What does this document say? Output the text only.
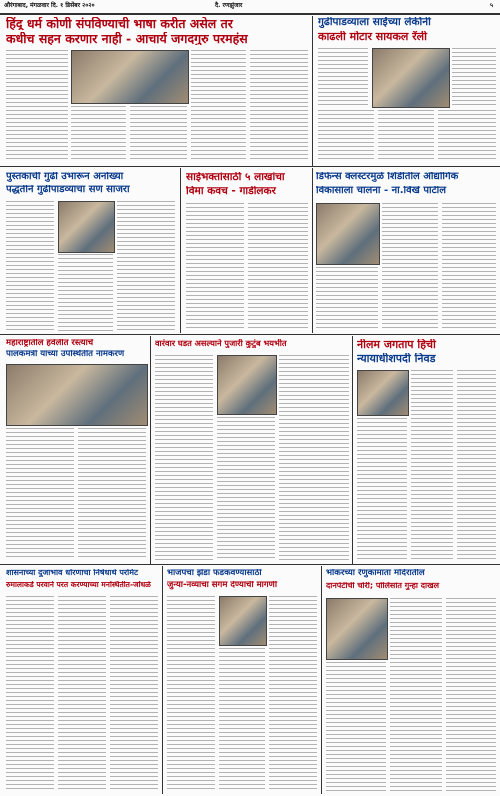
औरंगाबाद, मंगळवार दि. १ डिसेंबर २०२०	दै. रणझुंजार	५
हिंदू धर्म कोणी संपविण्याची भाषा करीत असेल तर
कधीच सहन करणार नाही - आचार्य जगदगुरु परमहंस
गुढीपाडव्याला साईंच्या लेकींनी
काढली मोटार सायकल रॅली
पुस्तकांची गुढी उभारून अनोख्या
पद्धतीने गुढीपाडव्याचा सण साजरा
साईभक्तांसाठी ५ लाखांचा
विमा कवच - गाडीलकर
डिफेन्स क्लस्टरमुळे शिर्डीतील औद्योगिक
विकासाला चालना - ना.विखे पाटील
महाराष्ट्रातील हवेलीत रस्त्यांचे
पालकमंत्री यांच्या उपस्थितीत नामकरण
वारंवार घडत असल्याने पुजारी कुटुंब भयभीत	नीलम जगताप हिची
न्यायाधीशपदी निवड
शासनाच्या दुजाभाव धोरणाचा निषेधार्थ परमिट
रुमालाकडे परवाने परत करण्याच्या मनस्थितीत-जोंधळे
भाजपचा झेंडा फडकवण्यासाठी
जुन्या-नव्यांचा संगम देण्याची मागणी
भोकरच्या रेणुकामाता मंदिरातील
दानपेटीची चोरी; पोलिसांत गुन्हा दाखल
